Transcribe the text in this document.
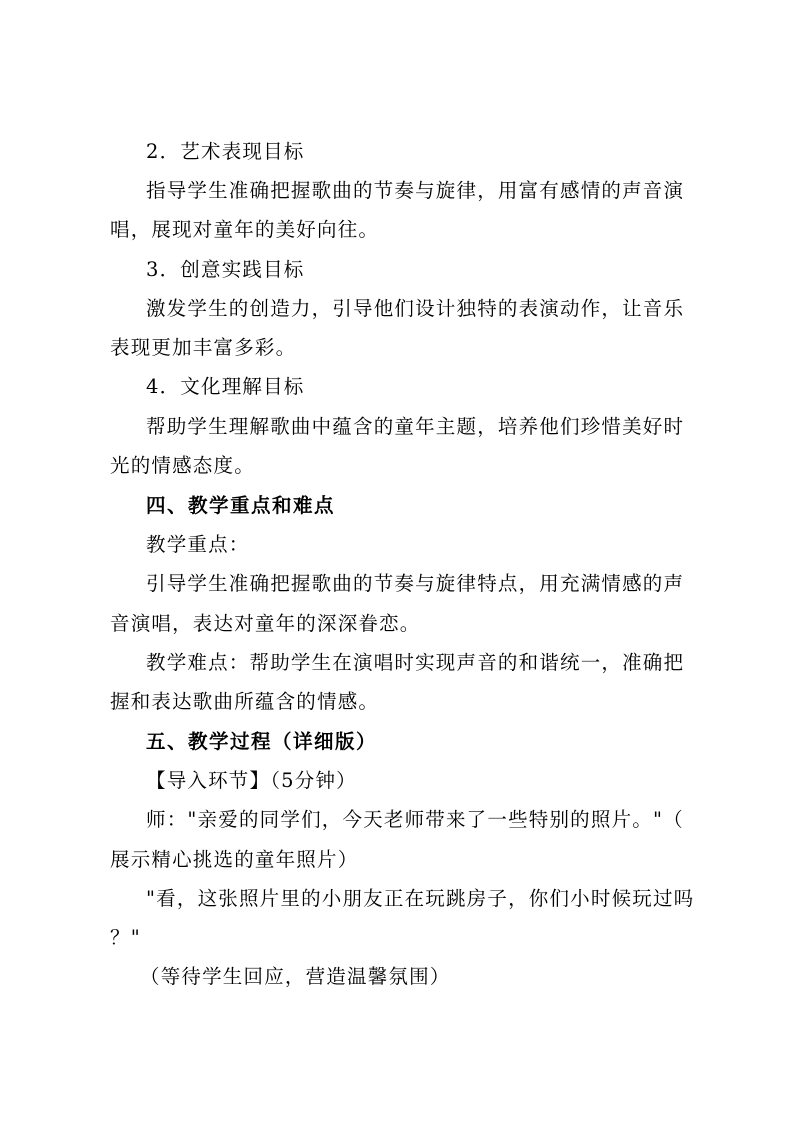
2．艺术表现目标
指导学生准确把握歌曲的节奏与旋律，用富有感情的声音演
唱，展现对童年的美好向往。
3．创意实践目标
激发学生的创造力，引导他们设计独特的表演动作，让音乐
表现更加丰富多彩。
4．文化理解目标
帮助学生理解歌曲中蕴含的童年主题，培养他们珍惜美好时
光的情感态度。
四、教学重点和难点
教学重点：
引导学生准确把握歌曲的节奏与旋律特点，用充满情感的声
音演唱，表达对童年的深深眷恋。
教学难点：帮助学生在演唱时实现声音的和谐统一，准确把
握和表达歌曲所蕴含的情感。
五、教学过程（详细版）
【导入环节】（5分钟）
师："亲爱的同学们，今天老师带来了一些特别的照片。"（
展示精心挑选的童年照片）
"看，这张照片里的小朋友正在玩跳房子，你们小时候玩过吗
？"
（等待学生回应，营造温馨氛围）
